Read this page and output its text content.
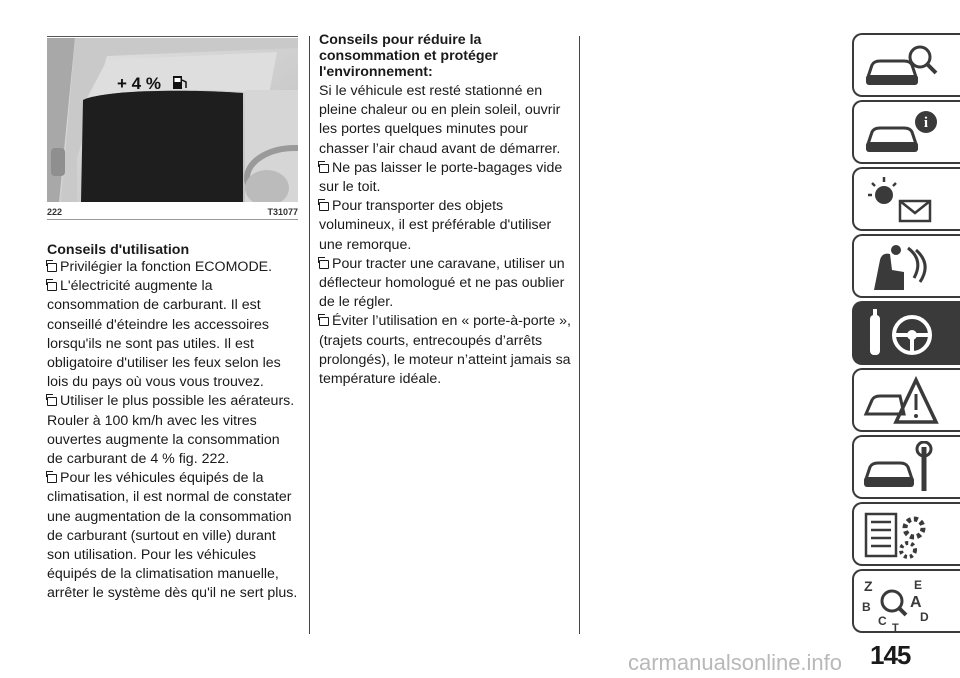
+ 4 %
222	T31077
Conseils d'utilisation
Privilégier la fonction ECOMODE.
L'électricité augmente la consommation de carburant. Il est conseillé d'éteindre les accessoires lorsqu'ils ne sont pas utiles. Il est obligatoire d'utiliser les feux selon les lois du pays où vous vous trouvez.
Utiliser le plus possible les aérateurs. Rouler à 100 km/h avec les vitres ouvertes augmente la consommation de carburant de 4 % fig. 222.
Pour les véhicules équipés de la climatisation, il est normal de constater une augmentation de la consommation de carburant (surtout en ville) durant son utilisation. Pour les véhicules équipés de la climatisation manuelle, arrêter le système dès qu'il ne sert plus.
Conseils pour réduire la consommation et protéger l'environnement:

Si le véhicule est resté stationné en pleine chaleur ou en plein soleil, ouvrir les portes quelques minutes pour chasser l’air chaud avant de démarrer.

Ne pas laisser le porte-bagages vide sur le toit.
Pour transporter des objets volumineux, il est préférable d'utiliser une remorque.
Pour tracter une caravane, utiliser un déflecteur homologué et ne pas oublier de le régler.
Éviter l’utilisation en « porte-à-porte », (trajets courts, entrecoupés d’arrêts prolongés), le moteur n’atteint jamais sa température idéale.
i
Z	E
B A
D
C T
145
carmanualsonline.info
